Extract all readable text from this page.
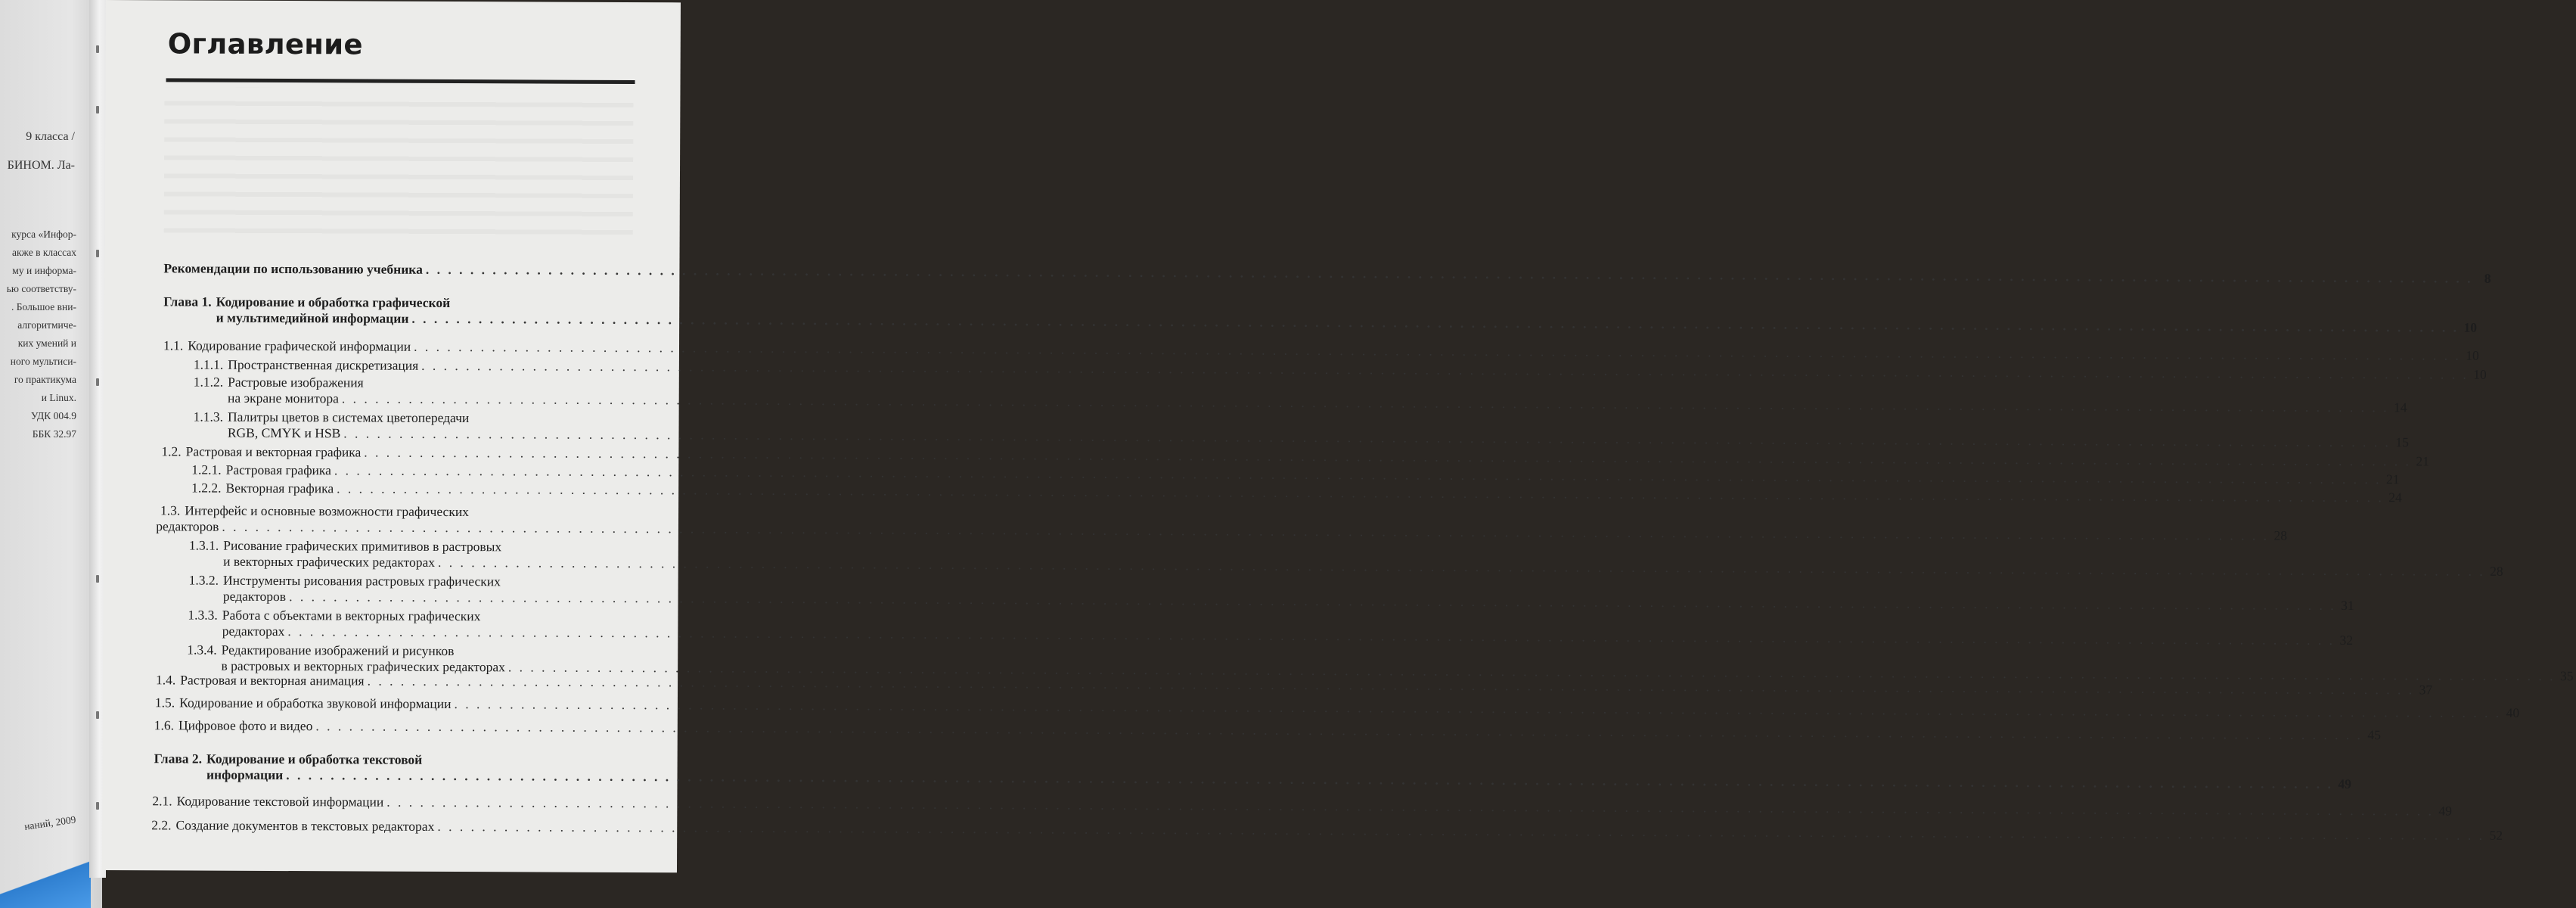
9 класса /
БИНОМ. Ла-
курса «Инфор-
акже в классах
му и информа-
ью соответству-
. Большое вни-
алгоритмиче-
ких умений и
ного мультиси-
го практикума
и Linux.
УДК 004.9
ББК 32.97
наний, 2009
Оглавление
Рекомендации по использованию учебника
. . .
8
Глава 1. Кодирование и обработка графической
и мультимедийной информации
. . .
10
1.1. Кодирование графической информации
. . .
10
1.1.1. Пространственная дискретизация
. . .
10
1.1.2. Растровые изображения
на экране монитора
. . .
14
1.1.3. Палитры цветов в системах цветопередачи
RGB, CMYK и HSB
. . .
15
1.2. Растровая и векторная графика
. . .
21
1.2.1. Растровая графика
. . .
21
1.2.2. Векторная графика
. . .
24
1.3. Интерфейс и основные возможности графических
редакторов
. . .
28
1.3.1. Рисование графических примитивов в растровых
и векторных графических редакторах
. . .
28
1.3.2. Инструменты рисования растровых графических
редакторов
. . .
31
1.3.3. Работа с объектами в векторных графических
редакторах
. . .
32
1.3.4. Редактирование изображений и рисунков
в растровых и векторных графических редакторах
. . .
35
1.4. Растровая и векторная анимация
. . .
37
1.5. Кодирование и обработка звуковой информации
. . .
40
1.6. Цифровое фото и видео
. . .
45
Глава 2. Кодирование и обработка текстовой
информации
. . .
49
2.1. Кодирование текстовой информации
. . .
49
2.2. Создание документов в текстовых редакторах
. . .
52
